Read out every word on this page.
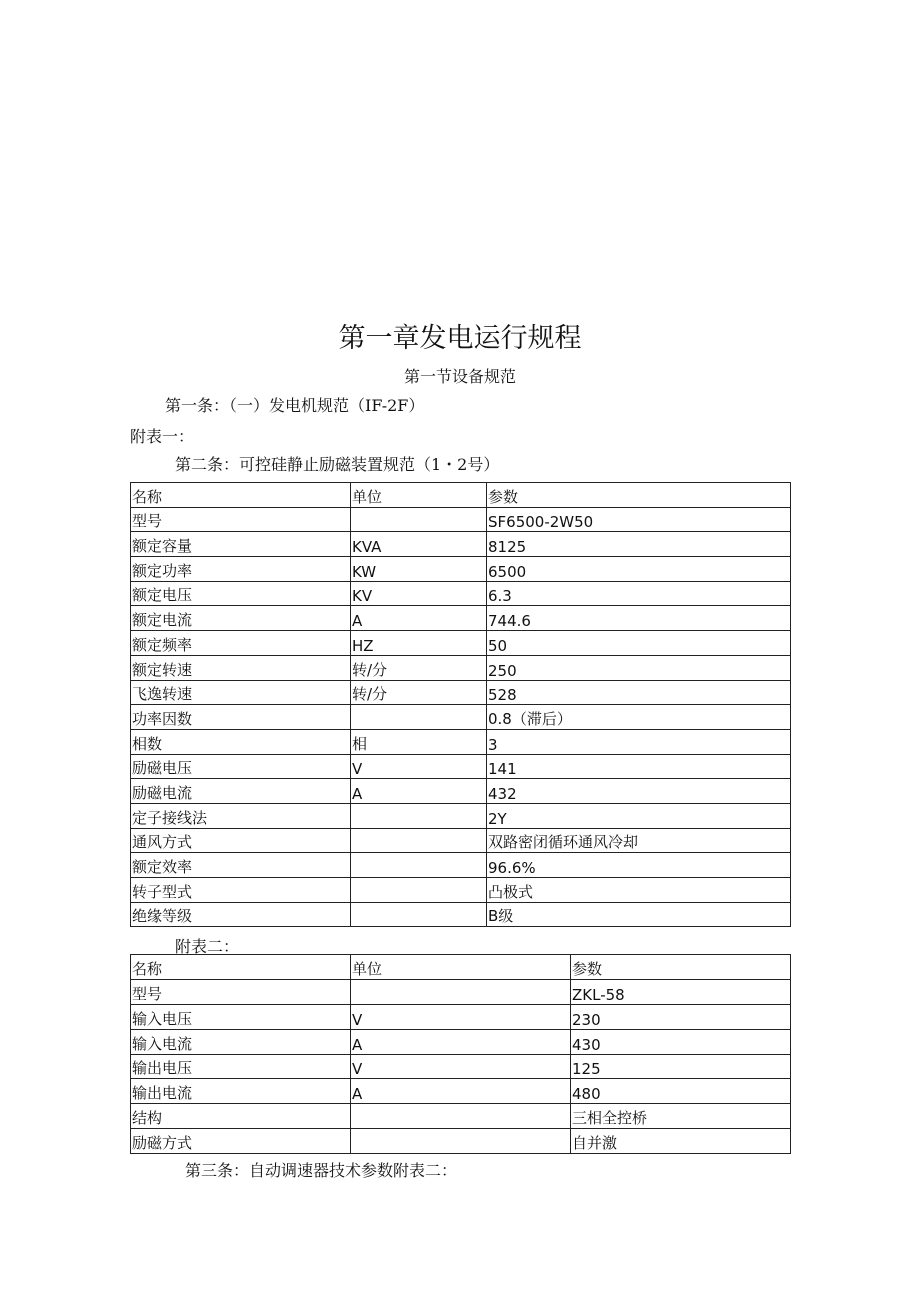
第一章发电运行规程
第一节设备规范
第一条：（一）发电机规范（IF-2F）
附表一：
第二条：可控硅静止励磁装置规范（1・2号）
名称	单位	参数
型号		SF6500-2W50
额定容量	KVA	8125
额定功率	KW	6500
额定电压	KV	6.3
额定电流	A	744.6
额定频率	HZ	50
额定转速	转/分	250
飞逸转速	转/分	528
功率因数		0.8（滞后）
相数	相	3
励磁电压	V	141
励磁电流	A	432
定子接线法		2Y
通风方式		双路密闭循环通风冷却
额定效率		96.6%
转子型式		凸极式
绝缘等级		B级
附表二：
名称	单位	参数
型号		ZKL-58
输入电压	V	230
输入电流	A	430
输出电压	V	125
输出电流	A	480
结构		三相全控桥
励磁方式		自并激
第三条：自动调速器技术参数附表二：
